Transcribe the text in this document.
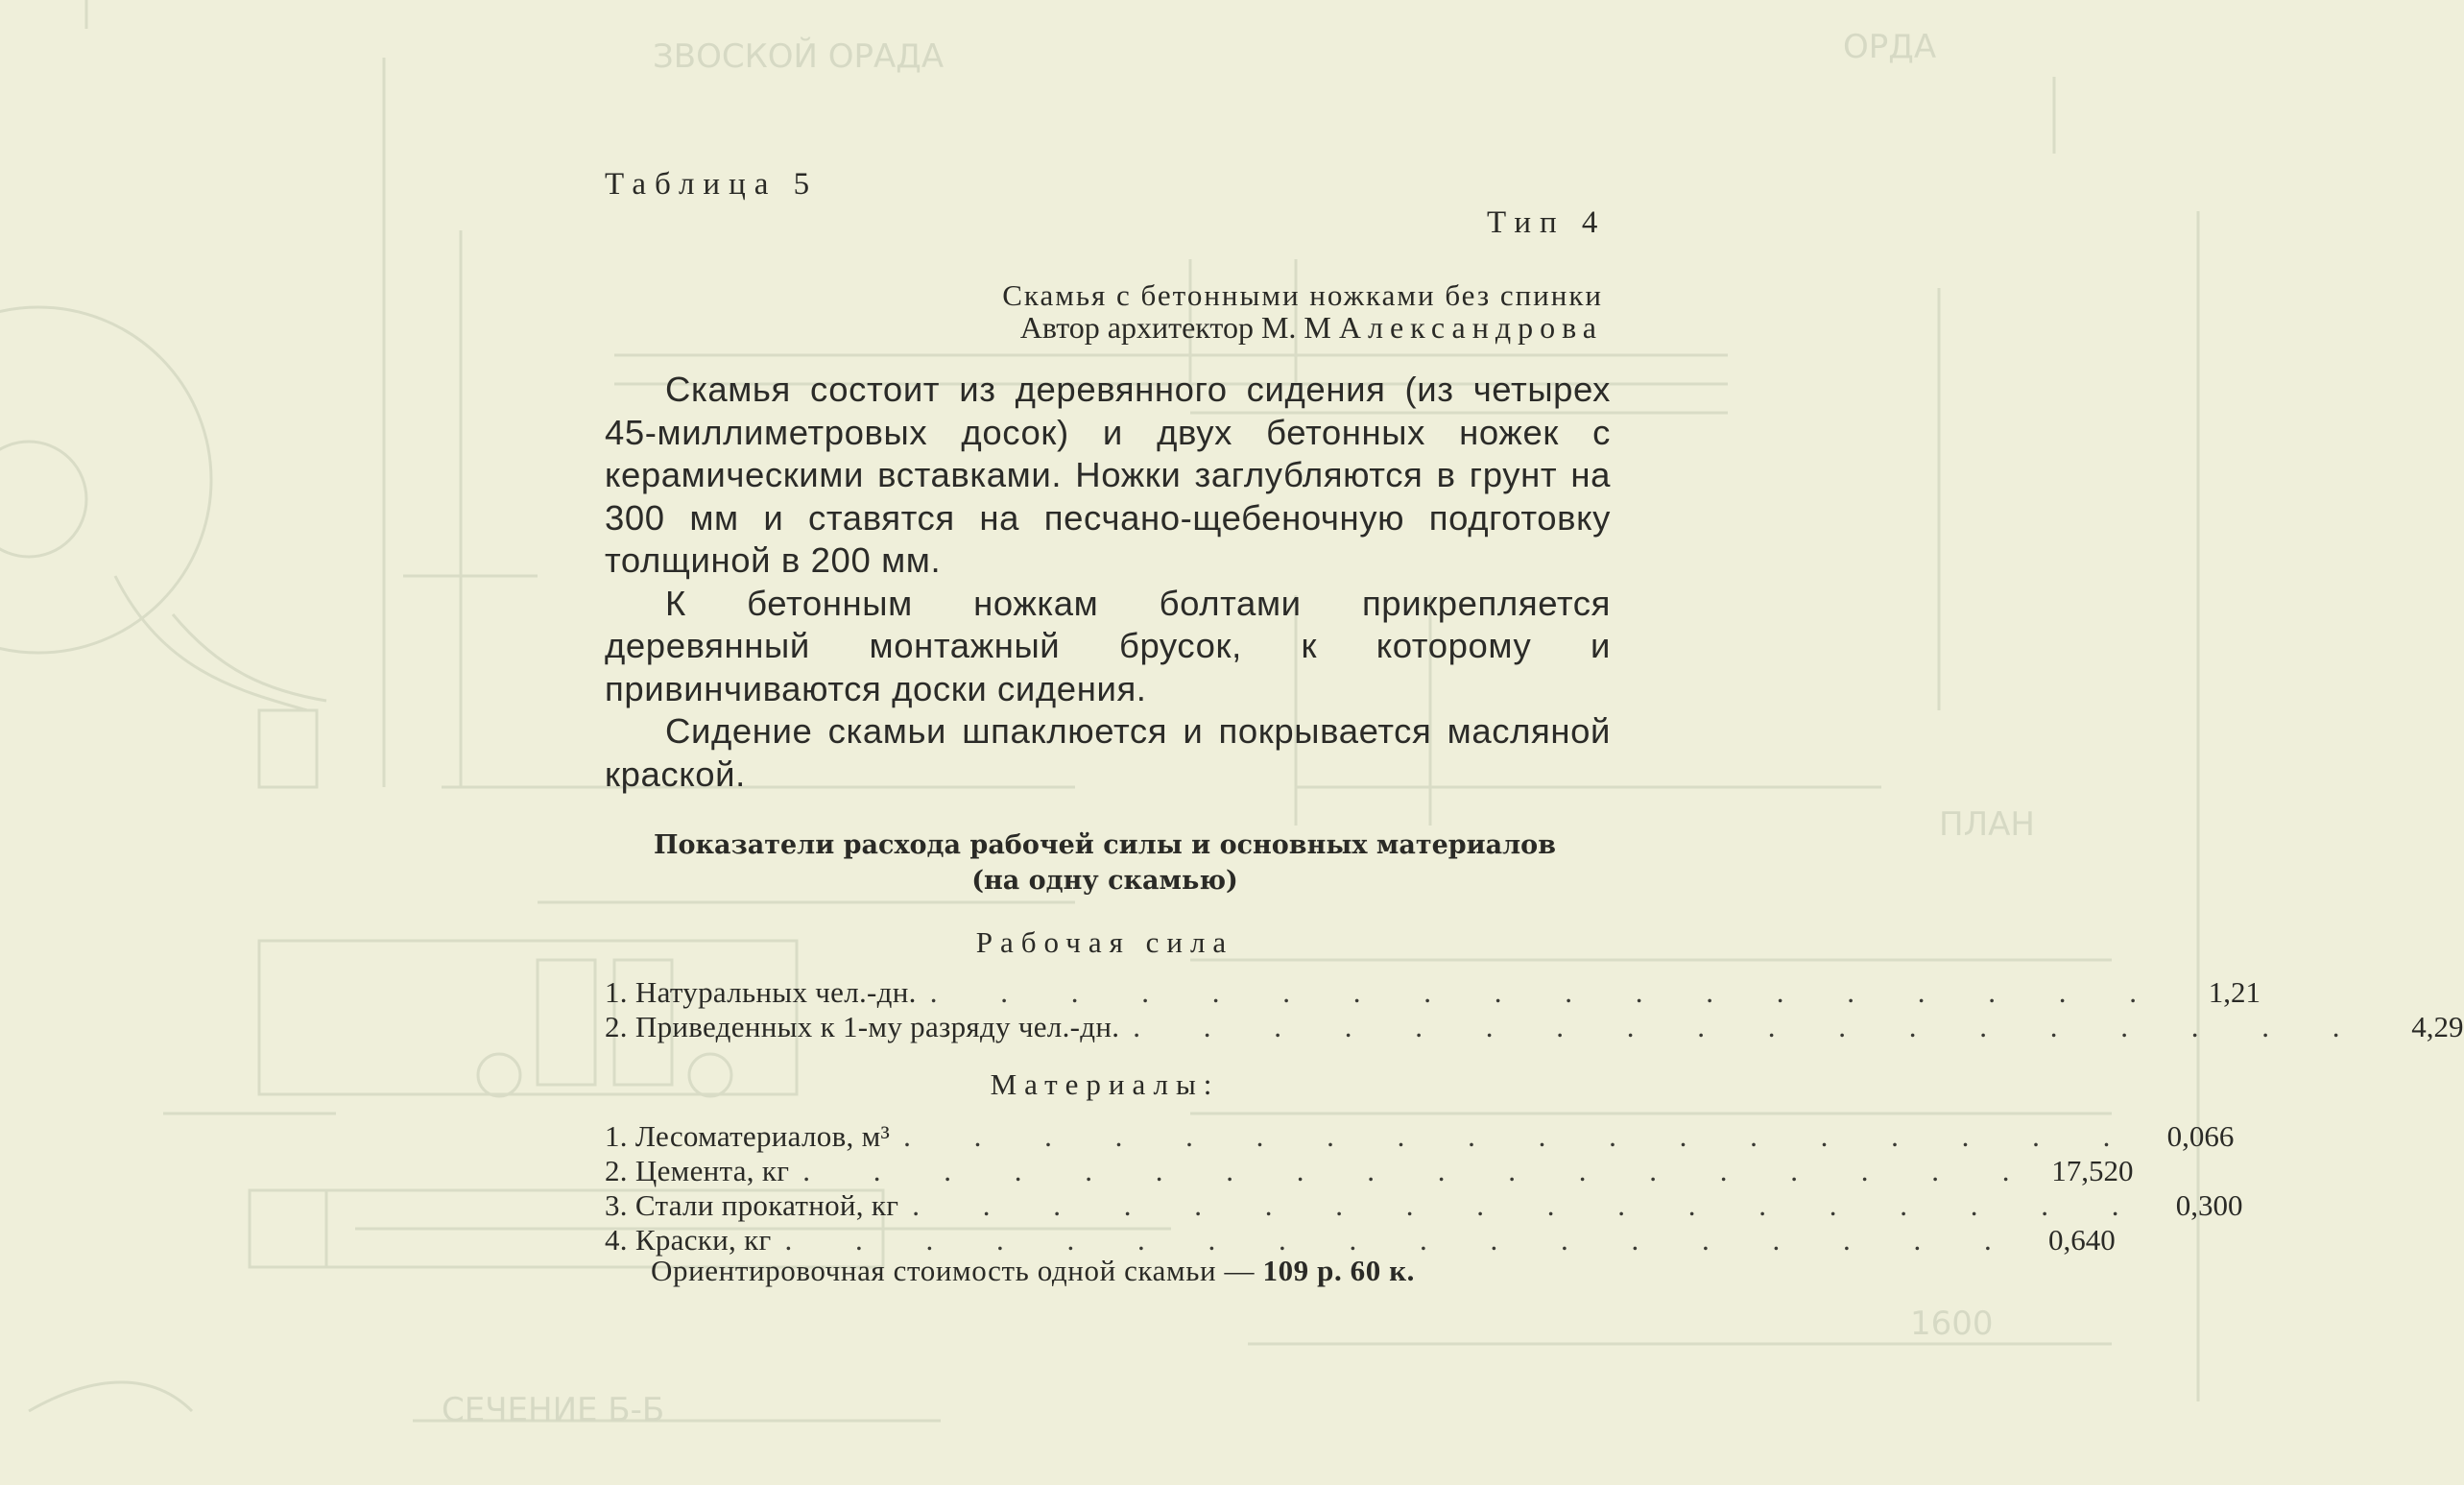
ОРДА
ЗВОСКОЙ ОРАДА
ПЛАН
СЕЧЕНИЕ Б-Б
1600
Таблица 5
Тип 4
Скамья с бетонными ножками без спинки
Автор архитектор М. М Александрова

Скамья состоит из деревянного сидения (из четырех 45-миллиметровых досок) и двух бетонных ножек с керамическими вставками. Ножки заглубляются в грунт на 300 мм и ставятся на песчано-щебеночную подготовку толщиной в 200 мм.

К бетонным ножкам болтами прикрепляется деревянный монтажный брусок, к которому и привинчиваются доски сидения.

Сидение скамьи шпаклюется и покрывается масляной краской.

Показатели расхода рабочей силы и основных материалов
(на одну скамью)
Рабочая сила
1. Натуральных чел.-дн. . . . . . . . . . . . . . . . . . .	1,21
2. Приведенных к 1-му разряду чел.-дн. . . . . . . . . . . . . . . . . . .	4,29
Материалы:
1. Лесоматериалов, м³ . . . . . . . . . . . . . . . . . . 0,066
2. Цемента, кг . . . . . . . . . . . . . . . . . . 17,520
3. Стали прокатной, кг . . . . . . . . . . . . . . . . . . 0,300
4. Краски, кг . . . . . . . . . . . . . . . . . . 0,640
Ориентировочная стоимость одной скамьи — 109 р. 60 к.
